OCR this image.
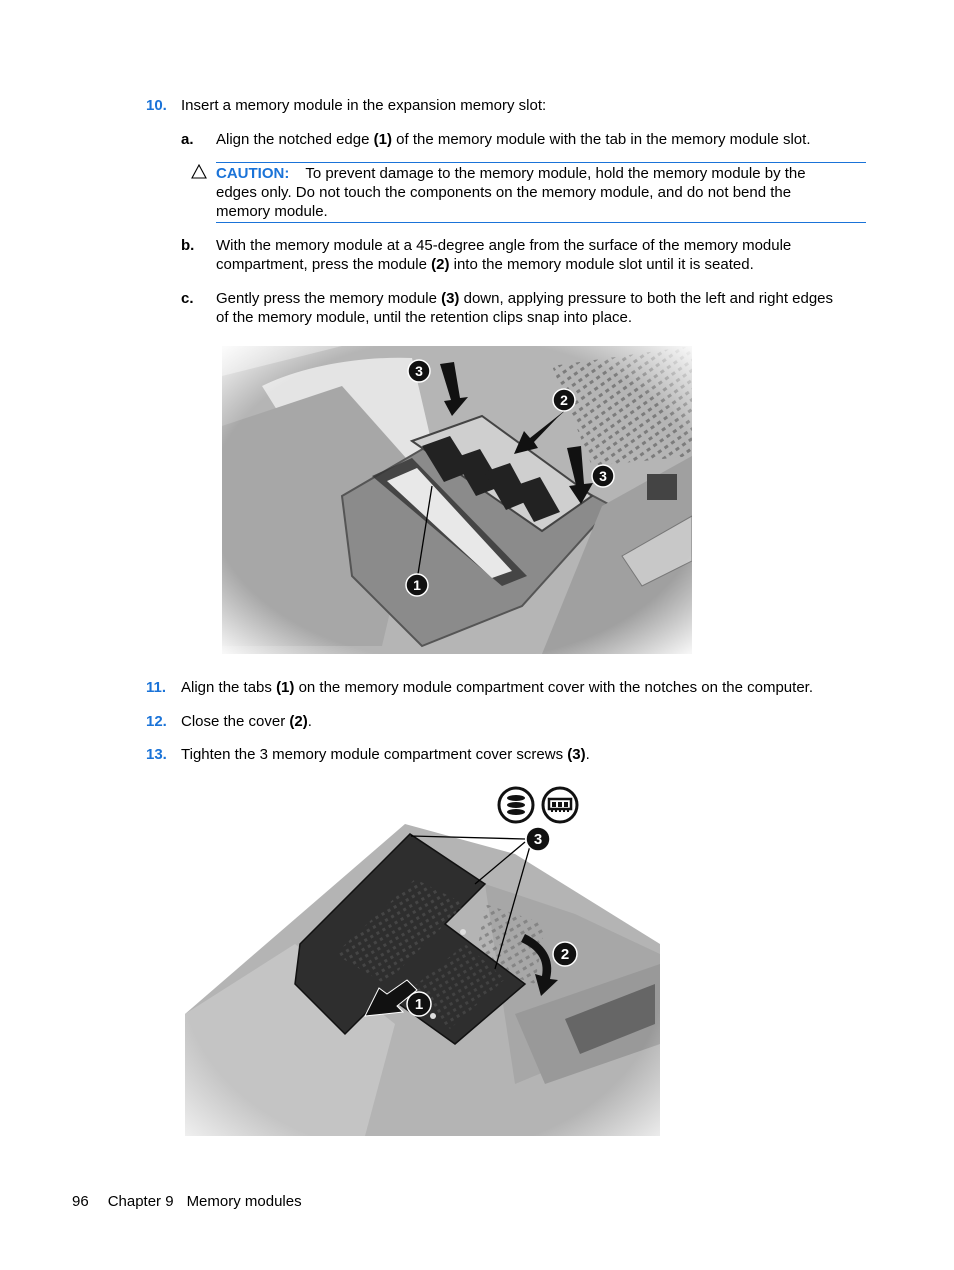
10. Insert a memory module in the expansion memory slot:
a. Align the notched edge (1) of the memory module with the tab in the memory module slot.
CAUTION: To prevent damage to the memory module, hold the memory module by the
edges only. Do not touch the components on the memory module, and do not bend the
memory module.
b. With the memory module at a 45-degree angle from the surface of the memory module
compartment, press the module (2) into the memory module slot until it is seated.
c. Gently press the memory module (3) down, applying pressure to both the left and right edges
of the memory module, until the retention clips snap into place.
3
2
3
1
11. Align the tabs (1) on the memory module compartment cover with the notches on the computer.
12. Close the cover (2).
13. Tighten the 3 memory module compartment cover screws (3).
3
2
1
96 Chapter 9 Memory modules
